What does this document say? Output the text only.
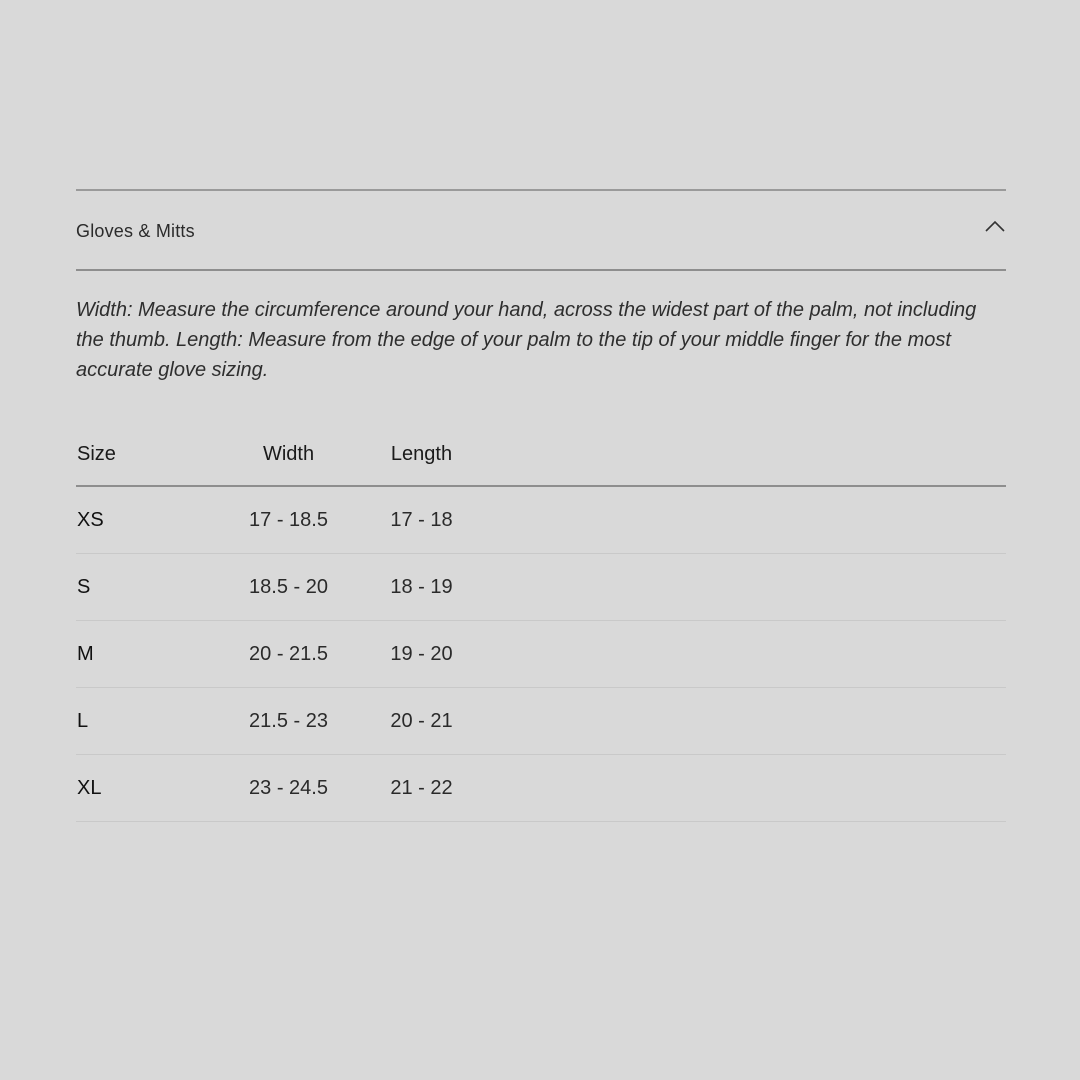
Gloves & Mitts
Width: Measure the circumference around your hand, across the widest part of the palm, not including the thumb. Length: Measure from the edge of your palm to the tip of your middle finger for the most accurate glove sizing.
Size	Width	Length	
XS	17 - 18.5	17 - 18	
S	18.5 - 20	18 - 19	
M	20 - 21.5	19 - 20	
L	21.5 - 23	20 - 21	
XL	23 - 24.5	21 - 22	
